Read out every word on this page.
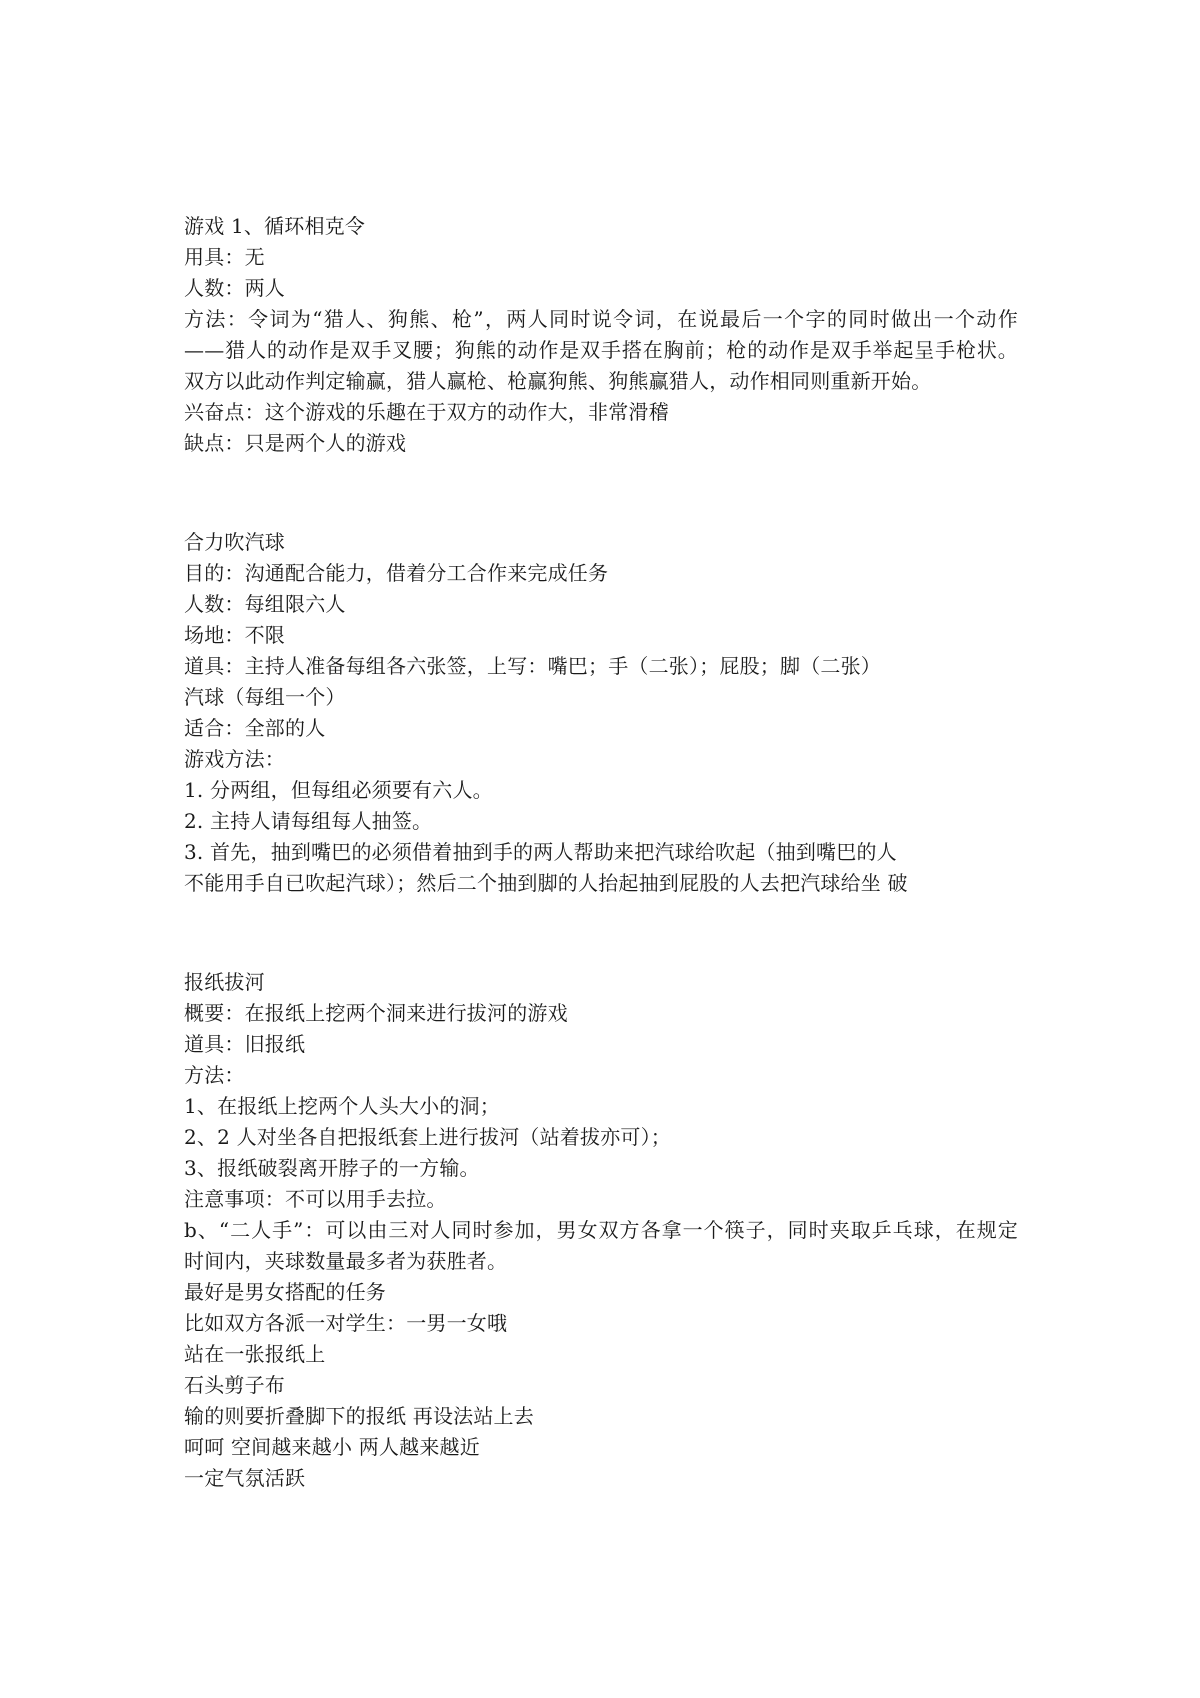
游戏 1、循环相克令
用具：无
人数：两人
方法：令词为“猎人、狗熊、枪”，两人同时说令词，在说最后一个字的同时做出一个动作
——猎人的动作是双手叉腰；狗熊的动作是双手搭在胸前；枪的动作是双手举起呈手枪状。
双方以此动作判定输赢，猎人赢枪、枪赢狗熊、狗熊赢猎人，动作相同则重新开始。
兴奋点：这个游戏的乐趣在于双方的动作大，非常滑稽
缺点：只是两个人的游戏
合力吹汽球
目的：沟通配合能力，借着分工合作来完成任务
人数：每组限六人
场地：不限
道具：主持人准备每组各六张签，上写：嘴巴；手（二张）；屁股；脚（二张）
汽球（每组一个）
适合：全部的人
游戏方法：
1. 分两组，但每组必须要有六人。
2. 主持人请每组每人抽签。
3. 首先，抽到嘴巴的必须借着抽到手的两人帮助来把汽球给吹起（抽到嘴巴的人
不能用手自已吹起汽球）；然后二个抽到脚的人抬起抽到屁股的人去把汽球给坐 破
报纸拔河
概要：在报纸上挖两个洞来进行拔河的游戏
道具：旧报纸
方法：
1、在报纸上挖两个人头大小的洞；
2、2 人对坐各自把报纸套上进行拔河（站着拔亦可）；
3、报纸破裂离开脖子的一方输。
注意事项：不可以用手去拉。
b、“二人手”：可以由三对人同时参加，男女双方各拿一个筷子，同时夹取乒乓球，在规定
时间内，夹球数量最多者为获胜者。
最好是男女搭配的任务
比如双方各派一对学生：一男一女哦
站在一张报纸上
石头剪子布
输的则要折叠脚下的报纸 再设法站上去
呵呵 空间越来越小 两人越来越近
一定气氛活跃
